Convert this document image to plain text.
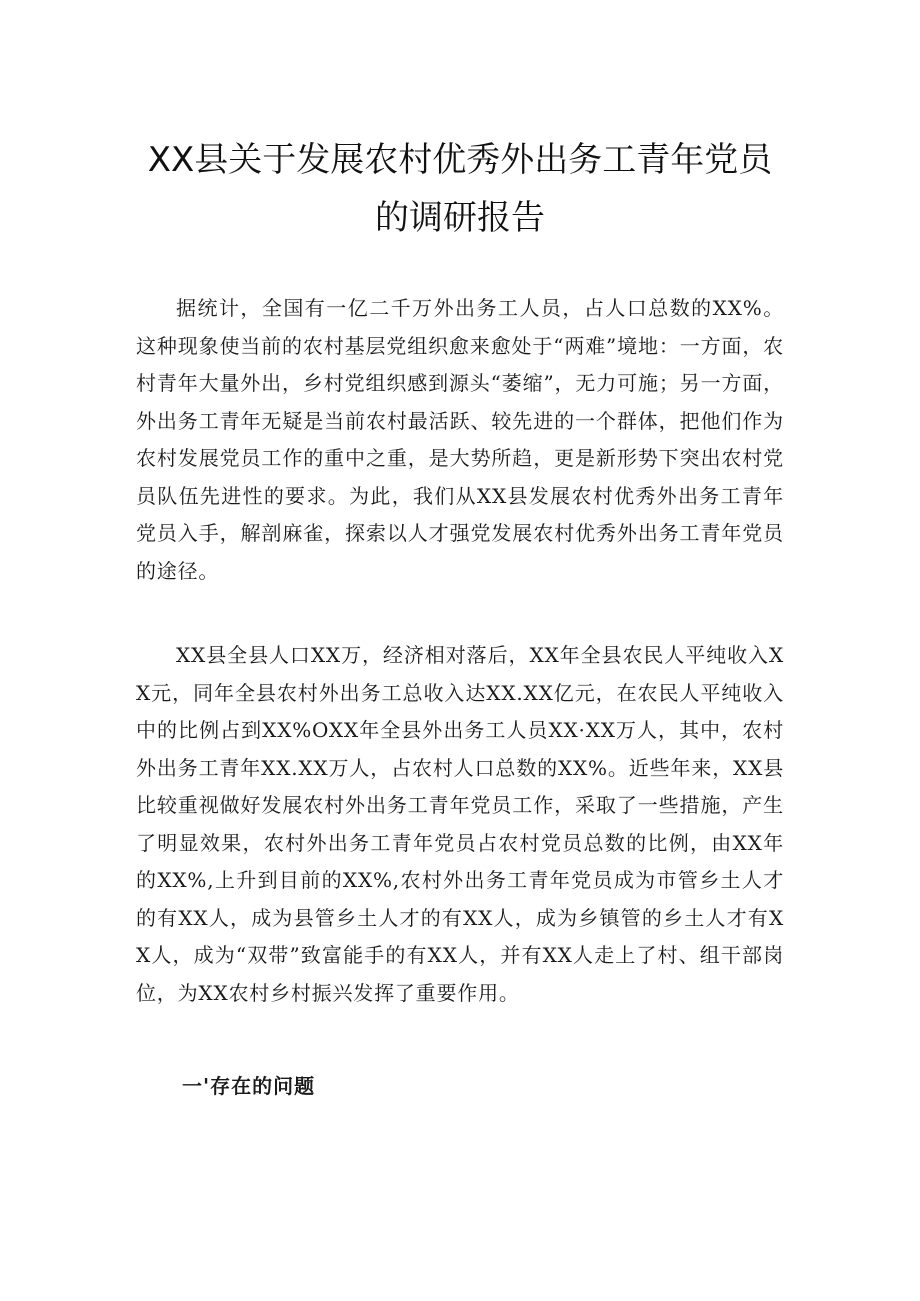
XX县关于发展农村优秀外出务工青年党员
的调研报告
据统计，全国有一亿二千万外出务工人员，占人口总数的XX%。这种现象使当前的农村基层党组织愈来愈处于“两难”境地：一方面，农村青年大量外出，乡村党组织感到源头“萎缩”，无力可施；另一方面，外出务工青年无疑是当前农村最活跃、较先进的一个群体，把他们作为农村发展党员工作的重中之重，是大势所趋，更是新形势下突出农村党员队伍先进性的要求。为此，我们从XX县发展农村优秀外出务工青年党员入手，解剖麻雀，探索以人才强党发展农村优秀外出务工青年党员的途径。
XX县全县人口XX万，经济相对落后，XX年全县农民人平纯收入XX元，同年全县农村外出务工总收入达XX.XX亿元，在农民人平纯收入中的比例占到XX%OXX年全县外出务工人员XX·XX万人，其中，农村外出务工青年XX.XX万人，占农村人口总数的XX%。近些年来，XX县比较重视做好发展农村外出务工青年党员工作，采取了一些措施，产生了明显效果，农村外出务工青年党员占农村党员总数的比例，由XX年的XX%,上升到目前的XX%,农村外出务工青年党员成为市管乡土人才的有XX人，成为县管乡土人才的有XX人，成为乡镇管的乡土人才有XX人，成为“双带”致富能手的有XX人，并有XX人走上了村、组干部岗位，为XX农村乡村振兴发挥了重要作用。
一'存在的问题
